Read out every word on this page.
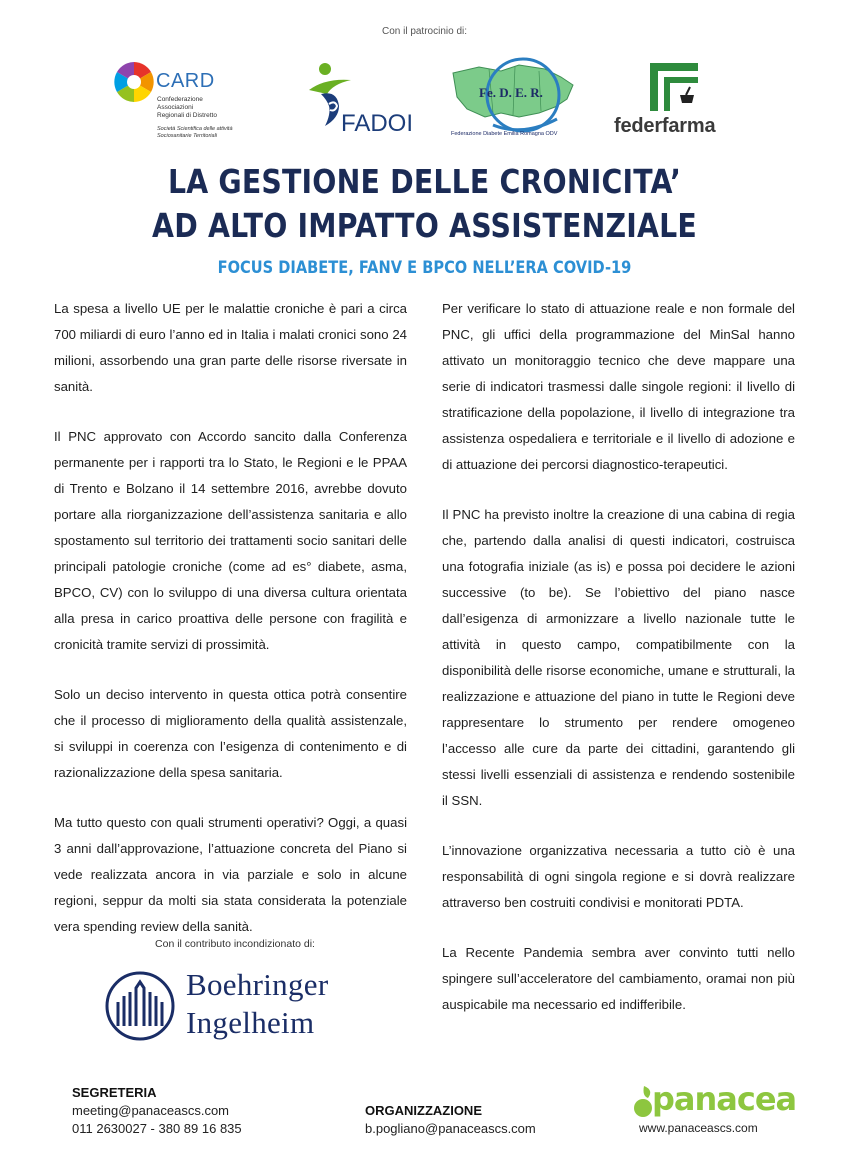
Con il patrocinio di:
CARD
Confederazione
Associazioni
Regionali di Distretto
Società Scientifica delle attività
Sociosanitarie Territoriali	FADOI
Fe. D. E. R.
Federazione Diabete Emilia Romagna ODV	federfarma
LA GESTIONE DELLE CRONICITA’
AD ALTO IMPATTO ASSISTENZIALE
FOCUS DIABETE, FANV E BPCO NELL’ERA COVID-19

La spesa a livello UE per le malattie croniche è pari a circa 700 miliardi di euro l’anno ed in Italia i malati cronici sono 24 milioni, assorbendo una gran parte delle risorse riversate in sanità.

Il PNC approvato con Accordo sancito dalla Conferenza permanente per i rapporti tra lo Stato, le Regioni e le PPAA di Trento e Bolzano il 14 settembre 2016, avrebbe dovuto portare alla riorganizzazione dell’assistenza sanitaria e allo spostamento sul territorio dei trattamenti socio sanitari delle principali patologie croniche (come ad es° diabete, asma, BPCO, CV) con lo sviluppo di una diversa cultura orientata alla presa in carico proattiva delle persone con fragilità e cronicità tramite servizi di prossimità.

Solo un deciso intervento in questa ottica potrà consentire che il processo di miglioramento della qualità assistenzale, si sviluppi in coerenza con l’esigenza di contenimento e di razionalizzazione della spesa sanitaria.

Ma tutto questo con quali strumenti operativi? Oggi, a quasi 3 anni dall’approvazione, l’attuazione concreta del Piano si vede realizzata ancora in via parziale e solo in alcune regioni, seppur da molti sia stata considerata la potenziale vera spending review della sanità.

Per verificare lo stato di attuazione reale e non formale del PNC, gli uffici della programmazione del MinSal hanno attivato un monitoraggio tecnico che deve mappare una serie di indicatori trasmessi dalle singole regioni: il livello di stratificazione della popolazione, il livello di integrazione tra assistenza ospedaliera e territoriale e il livello di adozione e di attuazione dei percorsi diagnostico-terapeutici.

Il PNC ha previsto inoltre la creazione di una cabina di regia che, partendo dalla analisi di questi indicatori, costruisca una fotografia iniziale (as is) e possa poi decidere le azioni successive (to be). Se l’obiettivo del piano nasce dall’esigenza di armonizzare a livello nazionale tutte le attività in questo campo, compatibilmente con la disponibilità delle risorse economiche, umane e strutturali, la realizzazione e attuazione del piano in tutte le Regioni deve rappresentare lo strumento per rendere omogeneo l’accesso alle cure da parte dei cittadini, garantendo gli stessi livelli essenziali di assistenza e rendendo sostenibile il SSN.

L’innovazione organizzativa necessaria a tutto ciò è una responsabilità di ogni singola regione e si dovrà realizzare attraverso ben costruiti condivisi e monitorati PDTA.

La Recente Pandemia sembra aver convinto tutti nello spingere sull’acceleratore del cambiamento, oramai non più auspicabile ma necessario ed indifferibile.

Con il contributo incondizionato di:
Boehringer
Ingelheim
SEGRETERIA
meeting@panaceascs.com
011 2630027 - 380 89 16 835
ORGANIZZAZIONE
b.pogliano@panaceascs.com
panacea
www.panaceascs.com
